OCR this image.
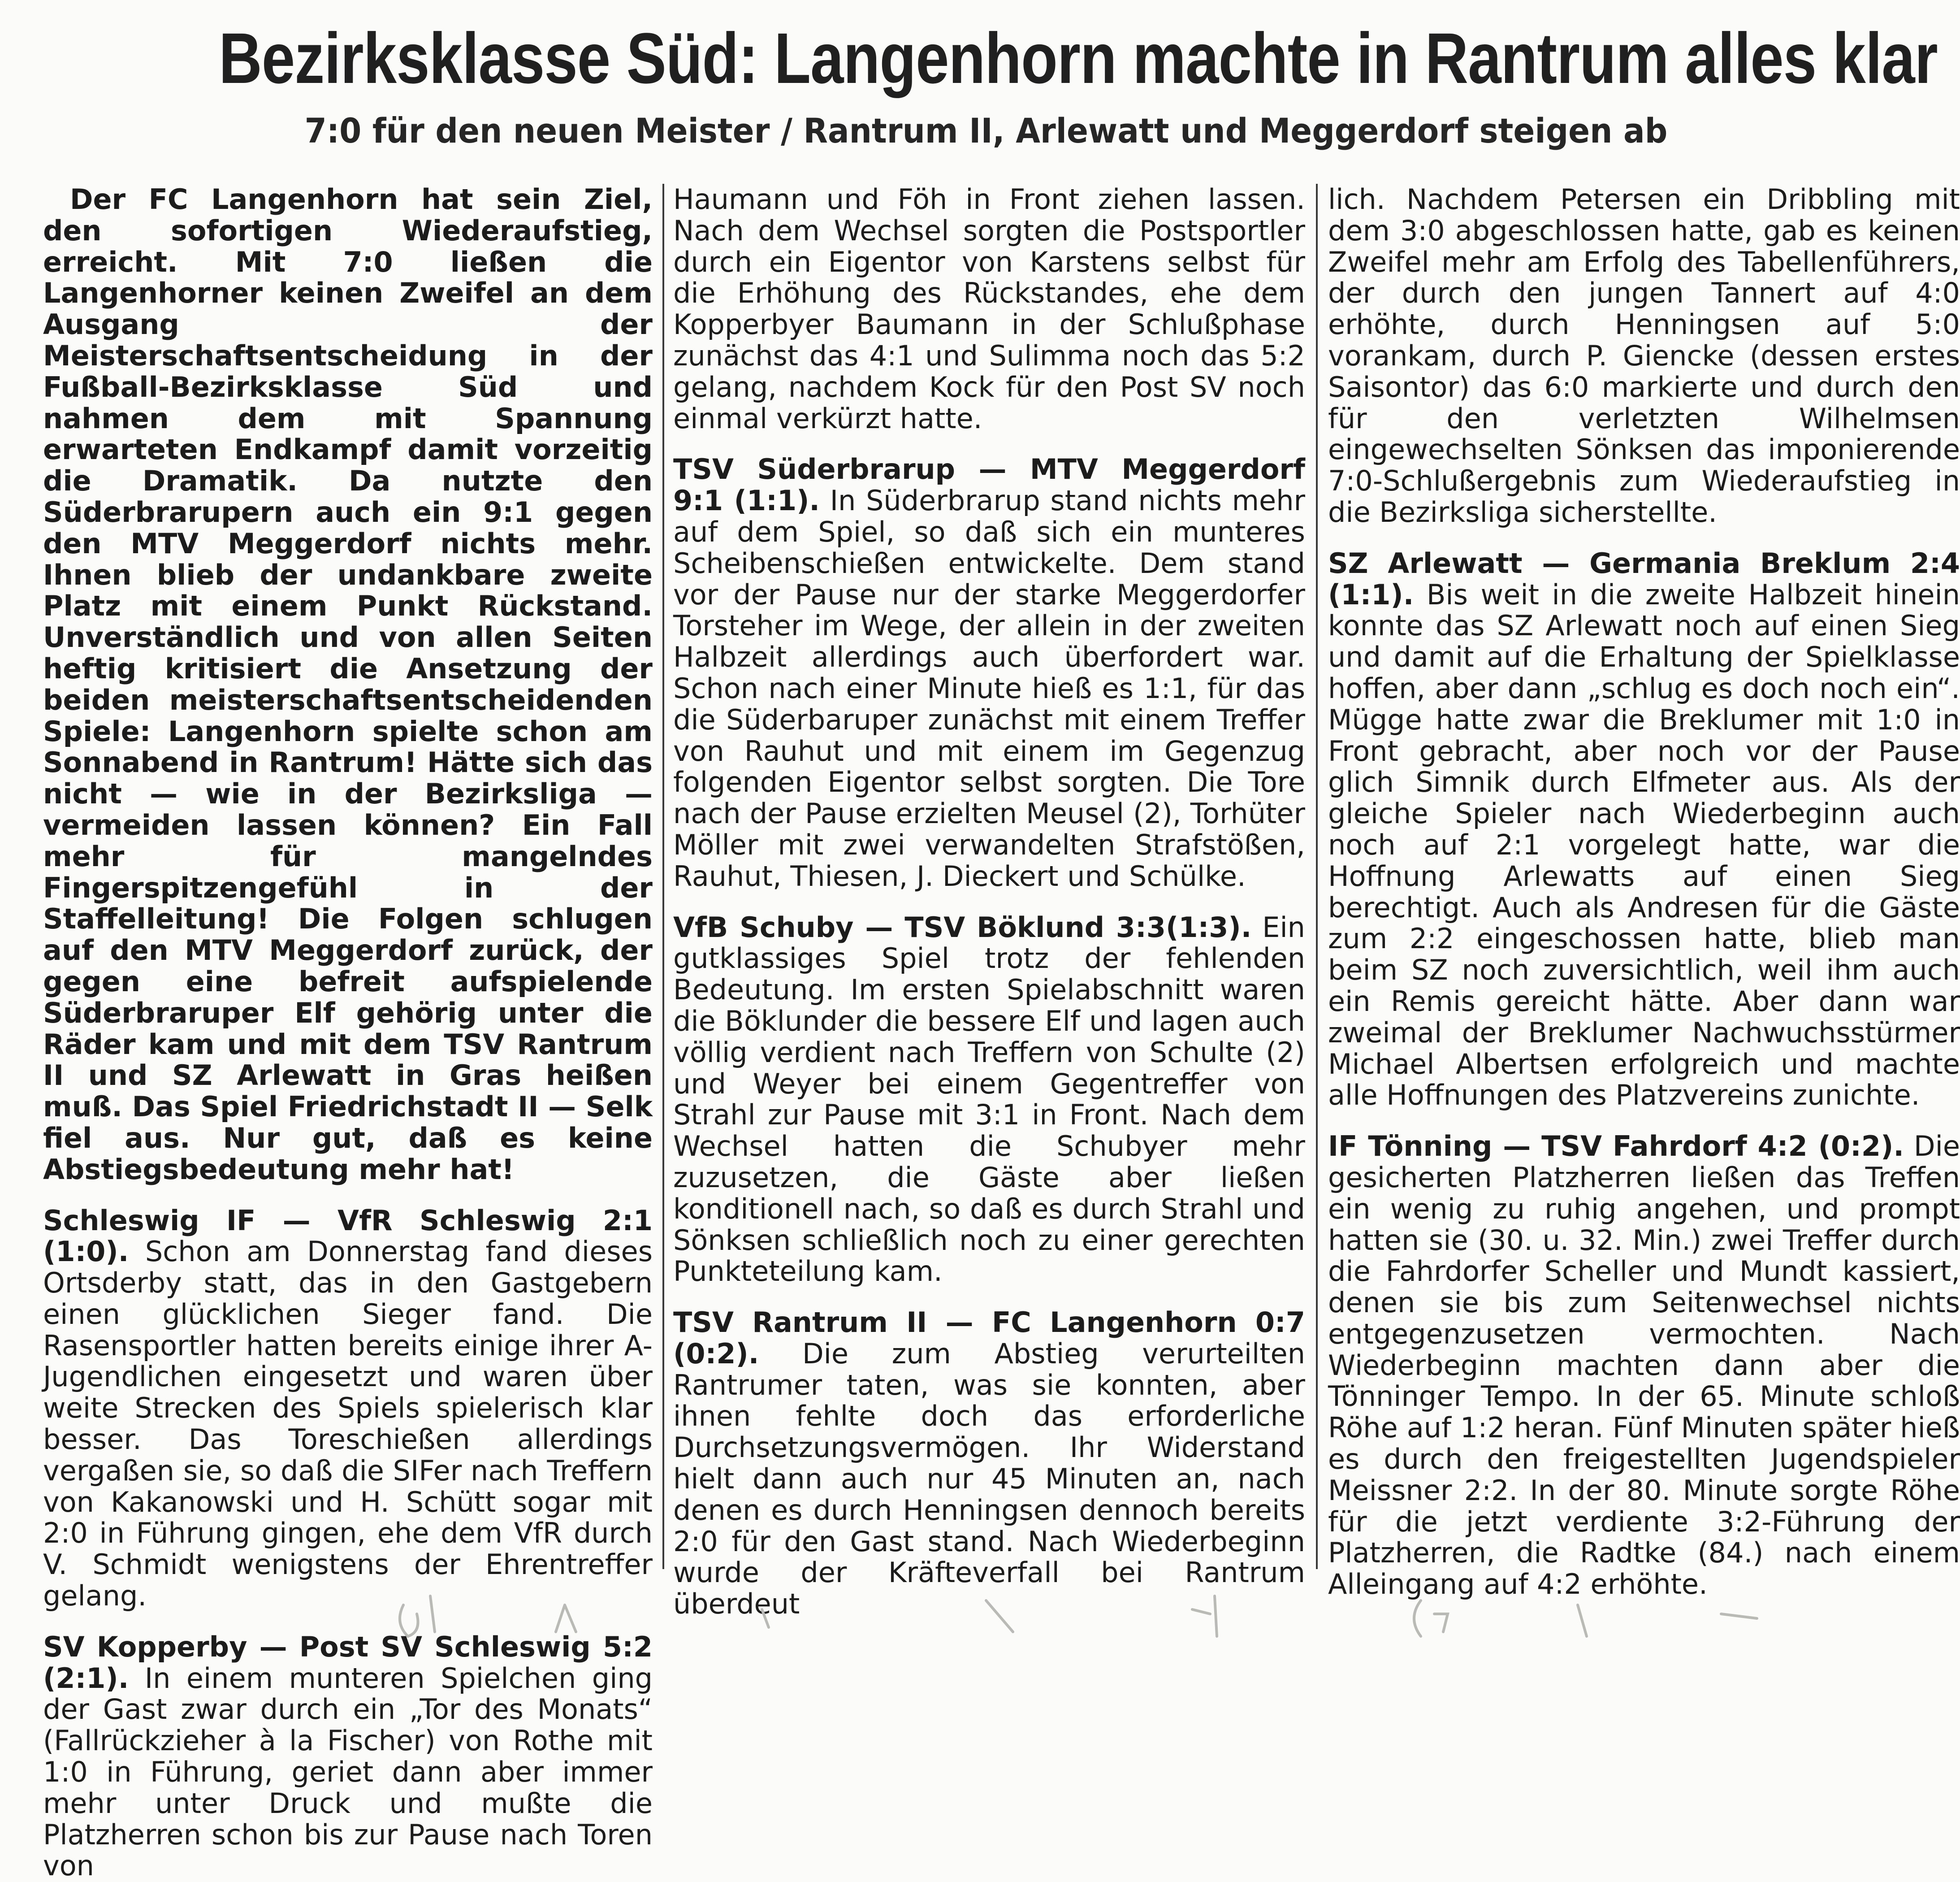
Bezirksklasse Süd: Langenhorn machte in Rantrum alles klar
7:0 für den neuen Meister / Rantrum II, Arlewatt und Meggerdorf steigen ab

Der FC Langenhorn hat sein Ziel, den sofortigen Wiederaufstieg, erreicht. Mit 7:0 ließen die Langenhorner keinen Zweifel an dem Ausgang der Meisterschaftsentscheidung in der Fußball-Bezirksklasse Süd und nahmen dem mit Spannung erwarteten Endkampf damit vorzeitig die Dramatik. Da nutzte den Süderbrarupern auch ein 9:1 gegen den MTV Meggerdorf nichts mehr. Ihnen blieb der undankbare zweite Platz mit einem Punkt Rückstand. Unverständlich und von allen Seiten heftig kritisiert die Ansetzung der beiden meisterschaftsentscheidenden Spiele: Langenhorn spielte schon am Sonnabend in Rantrum! Hätte sich das nicht — wie in der Bezirksliga — vermeiden lassen können? Ein Fall mehr für mangelndes Fingerspitzengefühl in der Staffelleitung! Die Folgen schlugen auf den MTV Meggerdorf zurück, der gegen eine befreit aufspielende Süderbraruper Elf gehörig unter die Räder kam und mit dem TSV Rantrum II und SZ Arlewatt in Gras heißen muß. Das Spiel Friedrichstadt II — Selk fiel aus. Nur gut, daß es keine Abstiegsbedeutung mehr hat!

Schleswig IF — VfR Schleswig 2:1 (1:0). Schon am Donnerstag fand dieses Ortsderby statt, das in den Gastgebern einen glücklichen Sieger fand. Die Rasensportler hatten bereits einige ihrer A-Jugendlichen eingesetzt und waren über weite Strecken des Spiels spielerisch klar besser. Das Toreschießen allerdings vergaßen sie, so daß die SIFer nach Treffern von Kakanowski und H. Schütt sogar mit 2:0 in Führung gingen, ehe dem VfR durch V. Schmidt wenigstens der Ehrentreffer gelang.

SV Kopperby — Post SV Schleswig 5:2 (2:1). In einem munteren Spielchen ging der Gast zwar durch ein „Tor des Monats“ (Fallrückzieher à la Fischer) von Rothe mit 1:0 in Führung, geriet dann aber immer mehr unter Druck und mußte die Platzherren schon bis zur Pause nach Toren von

Haumann und Föh in Front ziehen lassen. Nach dem Wechsel sorgten die Postsportler durch ein Eigentor von Karstens selbst für die Erhöhung des Rückstandes, ehe dem Kopperbyer Baumann in der Schlußphase zunächst das 4:1 und Sulimma noch das 5:2 gelang, nachdem Kock für den Post SV noch einmal verkürzt hatte.

TSV Süderbrarup — MTV Meggerdorf 9:1 (1:1). In Süderbrarup stand nichts mehr auf dem Spiel, so daß sich ein munteres Scheibenschießen entwickelte. Dem stand vor der Pause nur der starke Meggerdorfer Torsteher im Wege, der allein in der zweiten Halbzeit allerdings auch überfordert war. Schon nach einer Minute hieß es 1:1, für das die Süderbaruper zunächst mit einem Treffer von Rauhut und mit einem im Gegenzug folgenden Eigentor selbst sorgten. Die Tore nach der Pause erzielten Meusel (2), Torhüter Möller mit zwei verwandelten Strafstößen, Rauhut, Thiesen, J. Dieckert und Schülke.

VfB Schuby — TSV Böklund 3:3(1:3). Ein gutklassiges Spiel trotz der fehlenden Bedeutung. Im ersten Spielabschnitt waren die Böklunder die bessere Elf und lagen auch völlig verdient nach Treffern von Schulte (2) und Weyer bei einem Gegentreffer von Strahl zur Pause mit 3:1 in Front. Nach dem Wechsel hatten die Schubyer mehr zuzusetzen, die Gäste aber ließen konditionell nach, so daß es durch Strahl und Sönksen schließlich noch zu einer gerechten Punkteteilung kam.

TSV Rantrum II — FC Langenhorn 0:7 (0:2). Die zum Abstieg verurteilten Rantrumer taten, was sie konnten, aber ihnen fehlte doch das erforderliche Durchsetzungsvermögen. Ihr Widerstand hielt dann auch nur 45 Minuten an, nach denen es durch Henningsen dennoch bereits 2:0 für den Gast stand. Nach Wiederbeginn wurde der Kräfteverfall bei Rantrum überdeut

lich. Nachdem Petersen ein Dribbling mit dem 3:0 abgeschlossen hatte, gab es keinen Zweifel mehr am Erfolg des Tabellenführers, der durch den jungen Tannert auf 4:0 erhöhte, durch Henningsen auf 5:0 vorankam, durch P. Giencke (dessen erstes Saisontor) das 6:0 markierte und durch den für den verletzten Wilhelmsen eingewechselten Sönksen das imponierende 7:0-Schlußergebnis zum Wiederaufstieg in die Bezirksliga sicherstellte.

SZ Arlewatt — Germania Breklum 2:4 (1:1). Bis weit in die zweite Halbzeit hinein konnte das SZ Arlewatt noch auf einen Sieg und damit auf die Erhaltung der Spielklasse hoffen, aber dann „schlug es doch noch ein“. Mügge hatte zwar die Breklumer mit 1:0 in Front gebracht, aber noch vor der Pause glich Simnik durch Elfmeter aus. Als der gleiche Spieler nach Wiederbeginn auch noch auf 2:1 vorgelegt hatte, war die Hoffnung Arlewatts auf einen Sieg berechtigt. Auch als Andresen für die Gäste zum 2:2 eingeschossen hatte, blieb man beim SZ noch zuversichtlich, weil ihm auch ein Remis gereicht hätte. Aber dann war zweimal der Breklumer Nachwuchsstürmer Michael Albertsen erfolgreich und machte alle Hoffnungen des Platzvereins zunichte.

IF Tönning — TSV Fahrdorf 4:2 (0:2). Die gesicherten Platzherren ließen das Treffen ein wenig zu ruhig angehen, und prompt hatten sie (30. u. 32. Min.) zwei Treffer durch die Fahrdorfer Scheller und Mundt kassiert, denen sie bis zum Seitenwechsel nichts entgegenzusetzen vermochten. Nach Wiederbeginn machten dann aber die Tönninger Tempo. In der 65. Minute schloß Röhe auf 1:2 heran. Fünf Minuten später hieß es durch den freigestellten Jugendspieler Meissner 2:2. In der 80. Minute sorgte Röhe für die jetzt verdiente 3:2-Führung der Platzherren, die Radtke (84.) nach einem Alleingang auf 4:2 erhöhte.
